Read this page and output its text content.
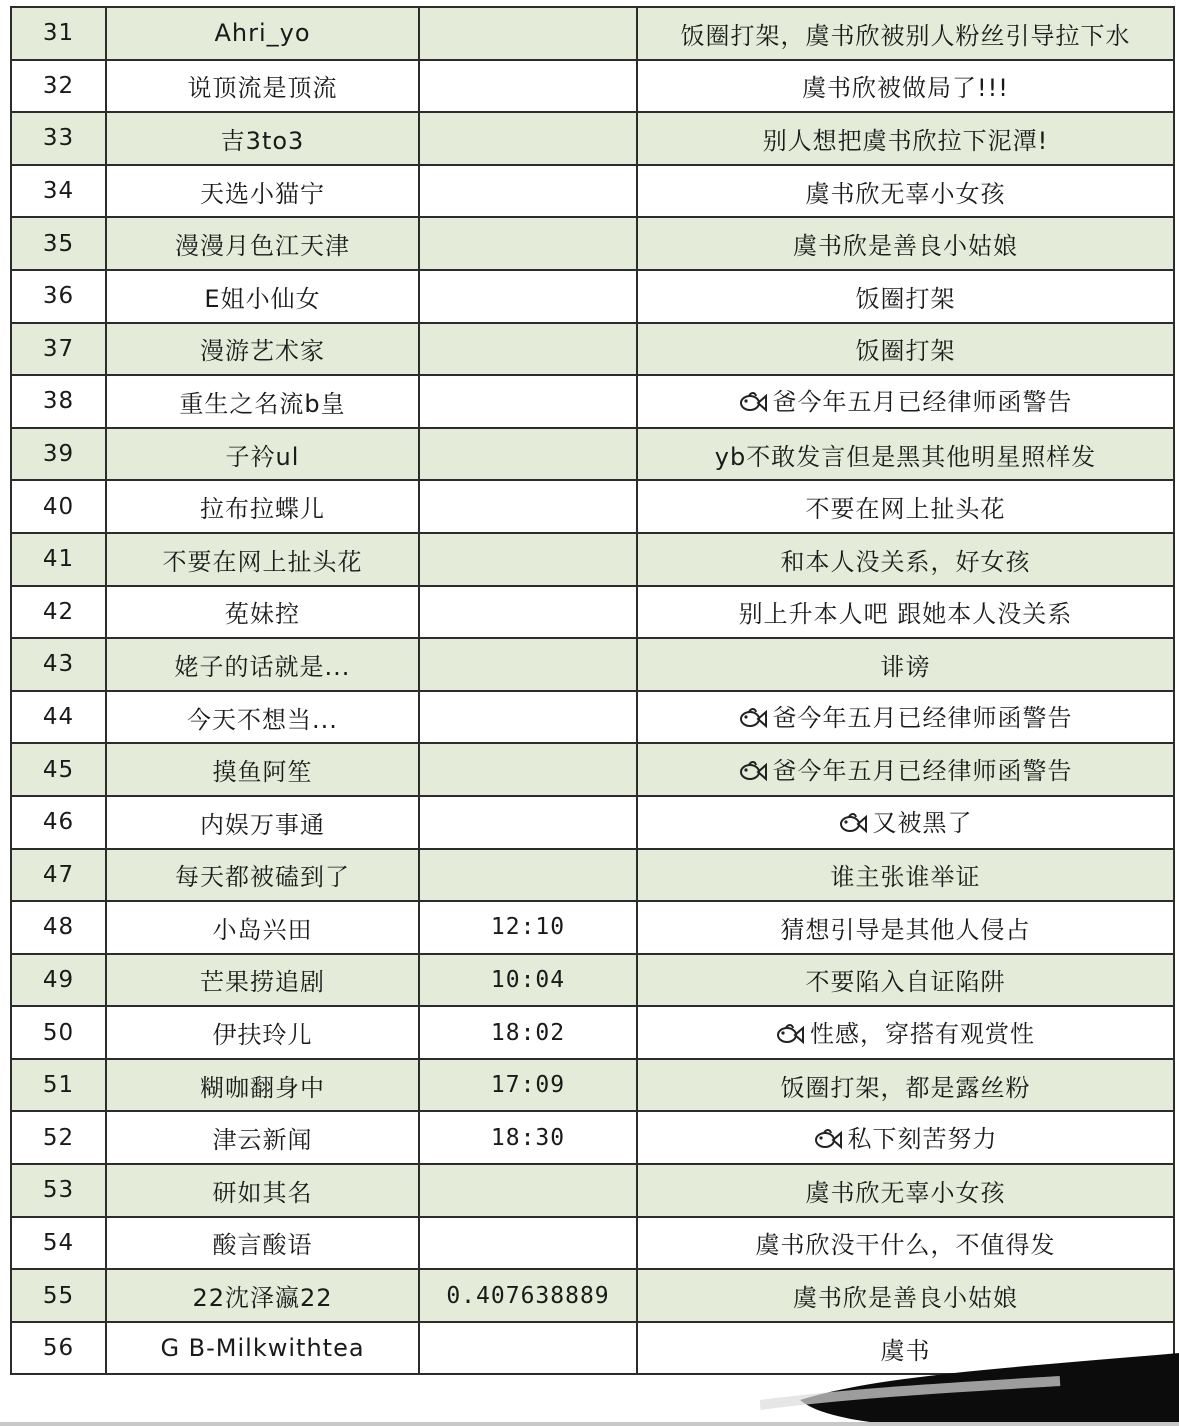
31	Ahri_yo		饭圈打架，虞书欣被别人粉丝引导拉下水
32	说顶流是顶流		虞书欣被做局了!!!
33	吉3to3		别人想把虞书欣拉下泥潭!
34	天选小猫宁		虞书欣无辜小女孩
35	漫漫月色江天津		虞书欣是善良小姑娘
36	E姐小仙女		饭圈打架
37	漫游艺术家		饭圈打架
38	重生之名流b皇		爸今年五月已经律师函警告
39	子衿ul		yb不敢发言但是黑其他明星照样发
40	拉布拉蝶儿		不要在网上扯头花
41	不要在网上扯头花		和本人没关系，好女孩
42	莬妹控		别上升本人吧 跟她本人没关系
43	姥子的话就是...		诽谤
44	今天不想当...		爸今年五月已经律师函警告
45	摸鱼阿笙		爸今年五月已经律师函警告
46	内娱万事通		又被黑了
47	每天都被磕到了		谁主张谁举证
48	小岛兴田	12:10	猜想引导是其他人侵占
49	芒果捞追剧	10:04	不要陷入自证陷阱
50	伊扶玲儿	18:02	性感，穿搭有观赏性
51	糊咖翻身中	17:09	饭圈打架，都是露丝粉
52	津云新闻	18:30	私下刻苦努力
53	研如其名		虞书欣无辜小女孩
54	酸言酸语		虞书欣没干什么，不值得发
55	22沈泽瀛22	0.407638889	虞书欣是善良小姑娘
56	G B-Milkwithtea		虞书
